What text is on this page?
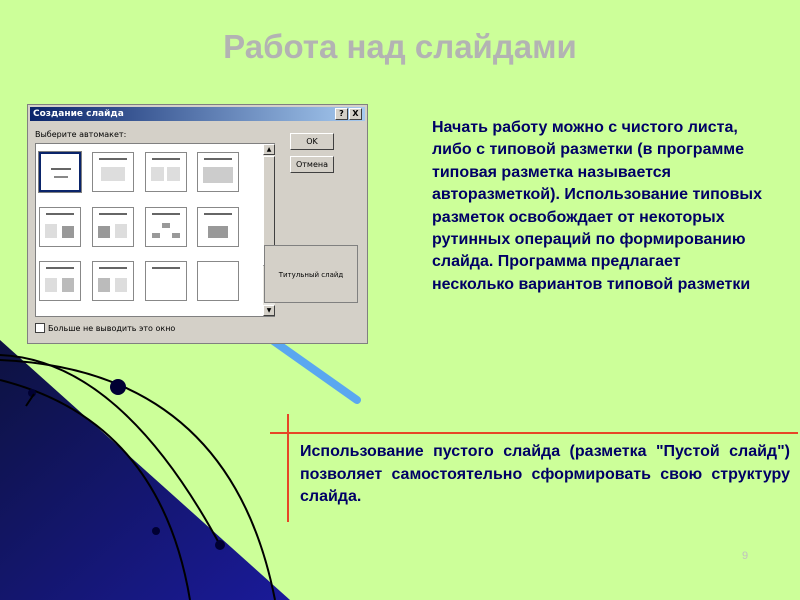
Работа над слайдами
Создание слайда	?	X
Выберите автомакет:
▲
▼
OK
Отмена
Титульный слайд
Больше не выводить это окно
Начать работу можно с чистого листа, либо с типовой разметки (в программе типовая разметка называется авторазметкой). Использование типовых разметок освобождает от некоторых рутинных операций по формированию слайда. Программа предлагает несколько вариантов типовой разметки
Использование пустого слайда (разметка "Пустой слайд") позволяет самостоятельно сформировать свою структуру слайда.
9
